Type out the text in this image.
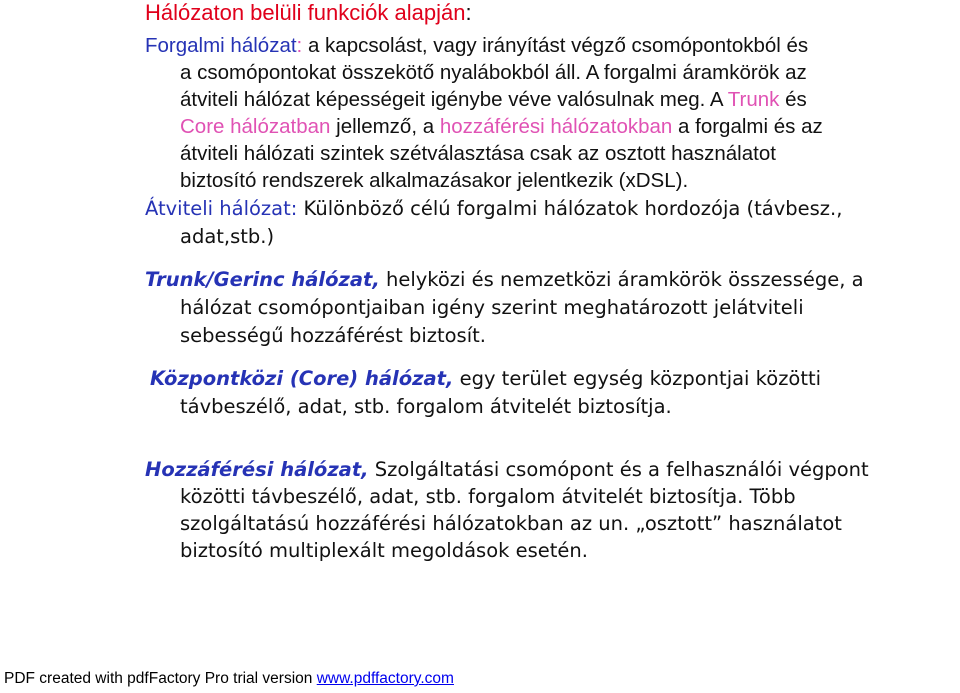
Hálózaton belüli funkciók alapján:
Forgalmi hálózat: a kapcsolást, vagy irányítást végző csomópontokból és
a csomópontokat összekötő nyalábokból áll. A forgalmi áramkörök az
átviteli hálózat képességeit igénybe véve valósulnak meg. A Trunk és
Core hálózatban jellemző, a hozzáférési hálózatokban a forgalmi és az
átviteli hálózati szintek szétválasztása csak az osztott használatot
biztosító rendszerek alkalmazásakor jelentkezik (xDSL).
Átviteli hálózat: Különböző célú forgalmi hálózatok hordozója (távbesz.,
adat,stb.)
Trunk/Gerinc hálózat, helyközi és nemzetközi áramkörök összessége, a
hálózat csomópontjaiban igény szerint meghatározott jelátviteli
sebességű hozzáférést biztosít.
Központközi (Core) hálózat, egy terület egység központjai közötti
távbeszélő, adat, stb. forgalom átvitelét biztosítja.
Hozzáférési hálózat, Szolgáltatási csomópont és a felhasználói végpont
közötti távbeszélő, adat, stb. forgalom átvitelét biztosítja. Több
szolgáltatású hozzáférési hálózatokban az un. „osztott” használatot
biztosító multiplexált megoldások esetén.
PDF created with pdfFactory Pro trial version www.pdffactory.com
